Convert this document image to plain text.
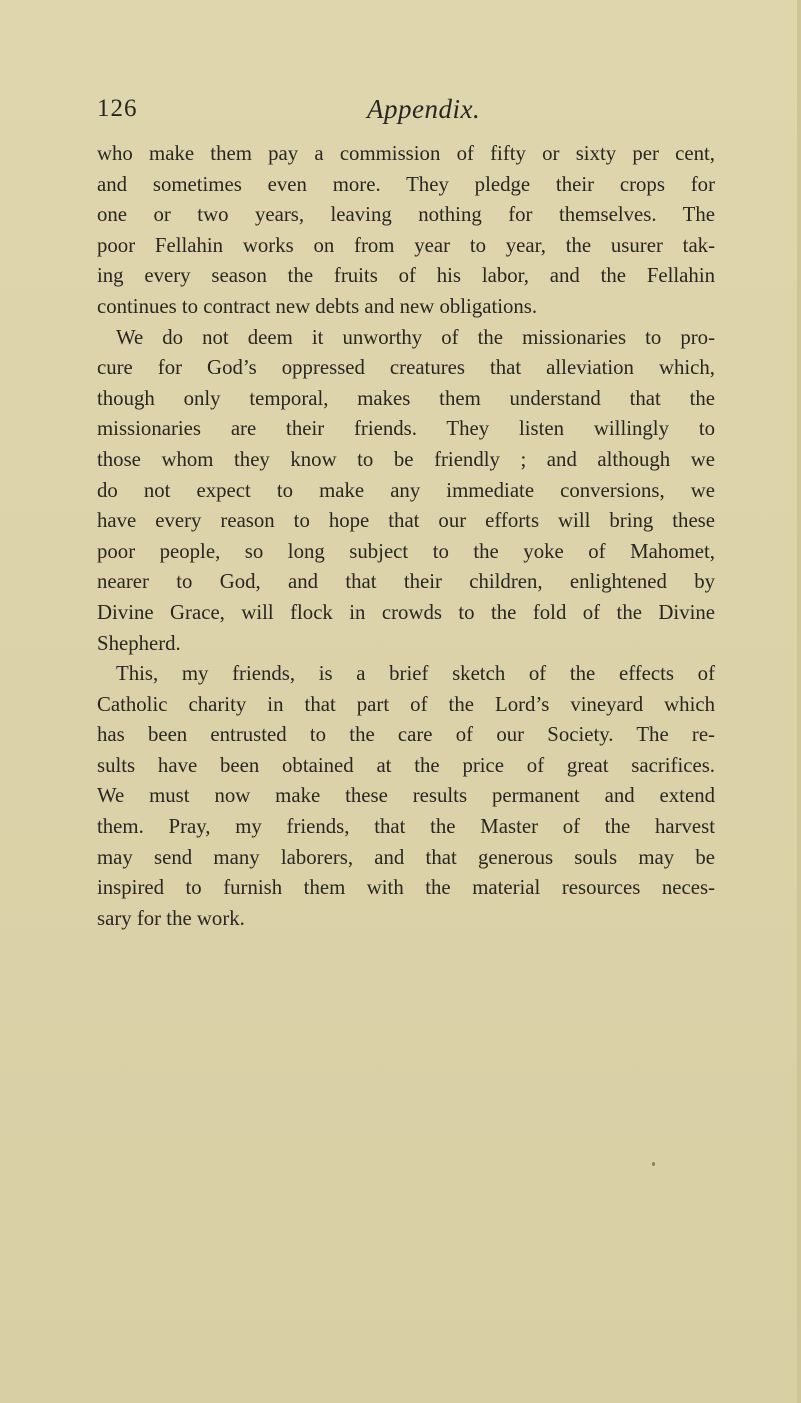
126	Appendix.
who make them pay a commission of fifty or sixty per cent,
and sometimes even more. They pledge their crops for
one or two years, leaving nothing for themselves. The
poor Fellahin works on from year to year, the usurer tak-
ing every season the fruits of his labor, and the Fellahin
continues to contract new debts and new obligations.
We do not deem it unworthy of the missionaries to pro-
cure for God’s oppressed creatures that alleviation which,
though only temporal, makes them understand that the
missionaries are their friends. They listen willingly to
those whom they know to be friendly ; and although we
do not expect to make any immediate conversions, we
have every reason to hope that our efforts will bring these
poor people, so long subject to the yoke of Mahomet,
nearer to God, and that their children, enlightened by
Divine Grace, will flock in crowds to the fold of the Divine
Shepherd.
This, my friends, is a brief sketch of the effects of
Catholic charity in that part of the Lord’s vineyard which
has been entrusted to the care of our Society. The re-
sults have been obtained at the price of great sacrifices.
We must now make these results permanent and extend
them. Pray, my friends, that the Master of the harvest
may send many laborers, and that generous souls may be
inspired to furnish them with the material resources neces-
sary for the work.
